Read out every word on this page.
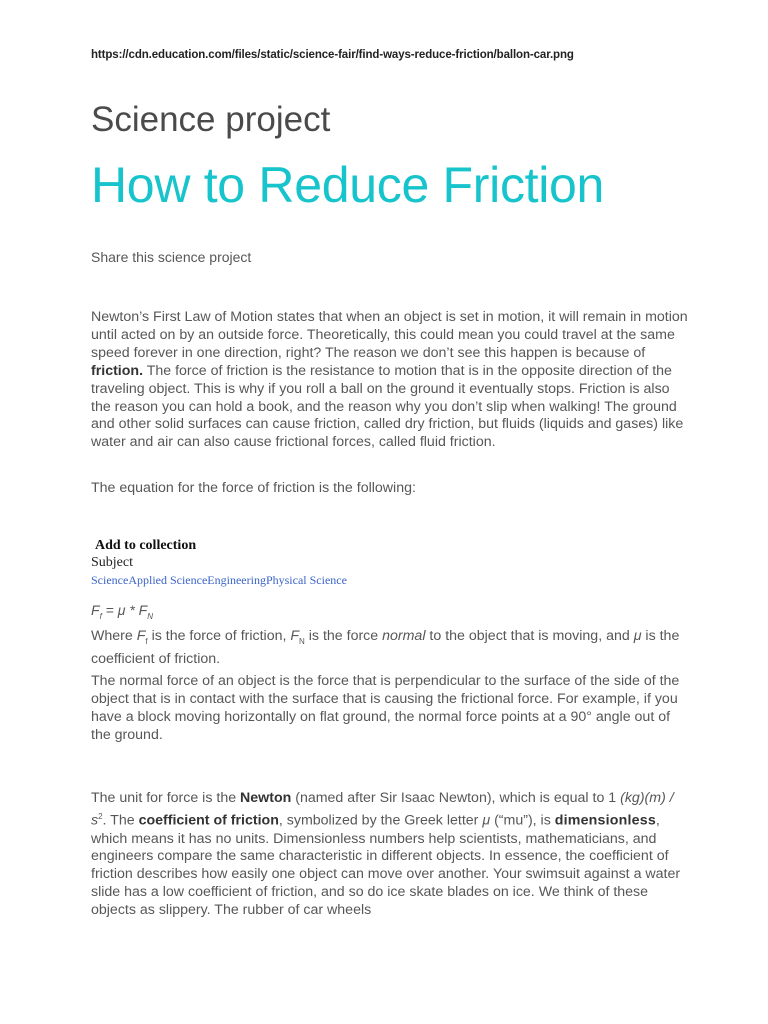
https://cdn.education.com/files/static/science-fair/find-ways-reduce-friction/ballon-car.png
Science project
How to Reduce Friction
Share this science project

Newton’s First Law of Motion states that when an object is set in motion, it will remain in motion until acted on by an outside force. Theoretically, this could mean you could travel at the same speed forever in one direction, right? The reason we don’t see this happen is because of friction. The force of friction is the resistance to motion that is in the opposite direction of the traveling object. This is why if you roll a ball on the ground it eventually stops. Friction is also the reason you can hold a book, and the reason why you don’t slip when walking! The ground and other solid surfaces can cause friction, called dry friction, but fluids (liquids and gases) like water and air can also cause frictional forces, called fluid friction.

The equation for the force of friction is the following:

Add to collection
Subject
ScienceApplied ScienceEngineeringPhysical Science
$F_f = \mu * F_N$

Where $F_f$ is the force of friction, $F_N$ is the force normal to the object that is moving, and μ is the coefficient of friction.

The normal force of an object is the force that is perpendicular to the surface of the side of the object that is in contact with the surface that is causing the frictional force. For example, if you have a block moving horizontally on flat ground, the normal force points at a 90° angle out of the ground.

The unit for force is the Newton (named after Sir Isaac Newton), which is equal to 1 $(kg)(m) / s^2$. The coefficient of friction, symbolized by the Greek letter μ (“mu”), is dimensionless, which means it has no units. Dimensionless numbers help scientists, mathematicians, and engineers compare the same characteristic in different objects. In essence, the coefficient of friction describes how easily one object can move over another. Your swimsuit against a water slide has a low coefficient of friction, and so do ice skate blades on ice. We think of these objects as slippery. The rubber of car wheels
